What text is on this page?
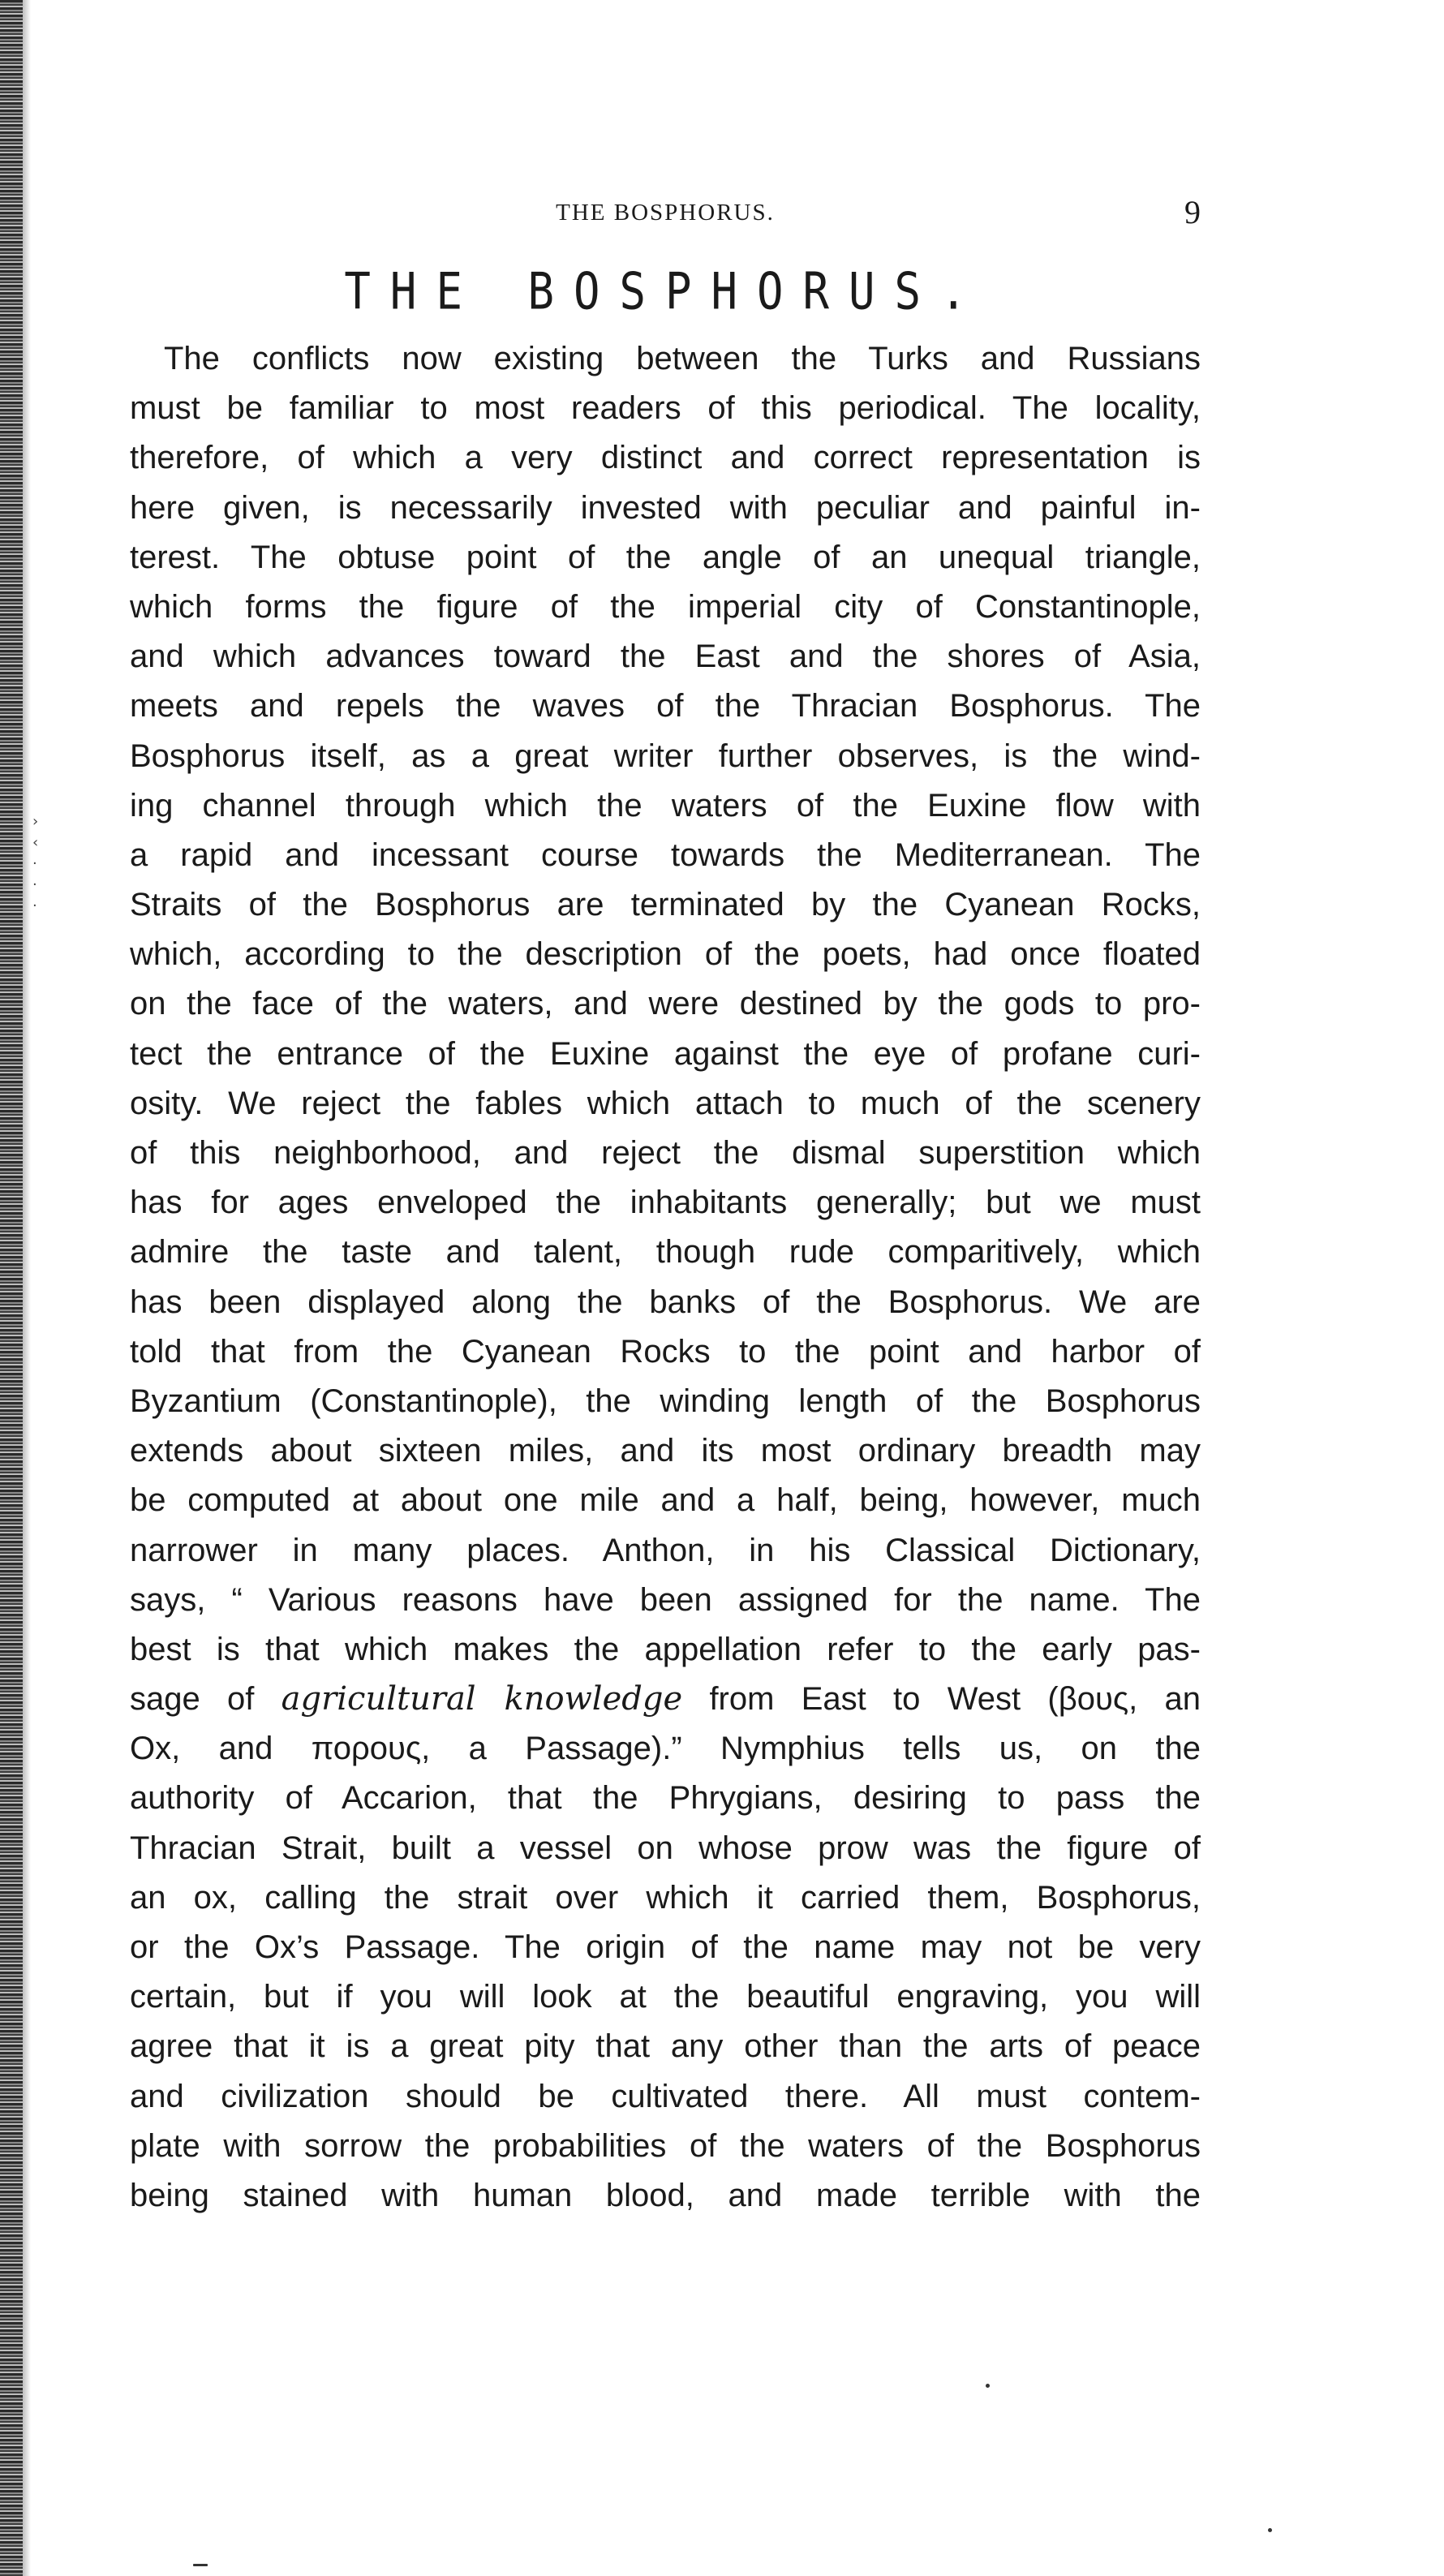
›
‹
·
·
·
THE BOSPHORUS.	9
THE BOSPHORUS.
The conflicts now existing between the Turks and Russians
must be familiar to most readers of this periodical. The locality,
therefore, of which a very distinct and correct representation is
here given, is necessarily invested with peculiar and painful in-
terest. The obtuse point of the angle of an unequal triangle,
which forms the figure of the imperial city of Constantinople,
and which advances toward the East and the shores of Asia,
meets and repels the waves of the Thracian Bosphorus. The
Bosphorus itself, as a great writer further observes, is the wind-
ing channel through which the waters of the Euxine flow with
a rapid and incessant course towards the Mediterranean. The
Straits of the Bosphorus are terminated by the Cyanean Rocks,
which, according to the description of the poets, had once floated
on the face of the waters, and were destined by the gods to pro-
tect the entrance of the Euxine against the eye of profane curi-
osity. We reject the fables which attach to much of the scenery
of this neighborhood, and reject the dismal superstition which
has for ages enveloped the inhabitants generally; but we must
admire the taste and talent, though rude comparitively, which
has been displayed along the banks of the Bosphorus. We are
told that from the Cyanean Rocks to the point and harbor of
Byzantium (Constantinople), the winding length of the Bosphorus
extends about sixteen miles, and its most ordinary breadth may
be computed at about one mile and a half, being, however, much
narrower in many places. Anthon, in his Classical Dictionary,
says, “ Various reasons have been assigned for the name. The
best is that which makes the appellation refer to the early pas-
sage of agricultural knowledge from East to West (βους, an
Ox, and πορους, a Passage).” Nymphius tells us, on the
authority of Accarion, that the Phrygians, desiring to pass the
Thracian Strait, built a vessel on whose prow was the figure of
an ox, calling the strait over which it carried them, Bosphorus,
or the Ox’s Passage. The origin of the name may not be very
certain, but if you will look at the beautiful engraving, you will
agree that it is a great pity that any other than the arts of peace
and civilization should be cultivated there. All must contem-
plate with sorrow the probabilities of the waters of the Bosphorus
being stained with human blood, and made terrible with the
